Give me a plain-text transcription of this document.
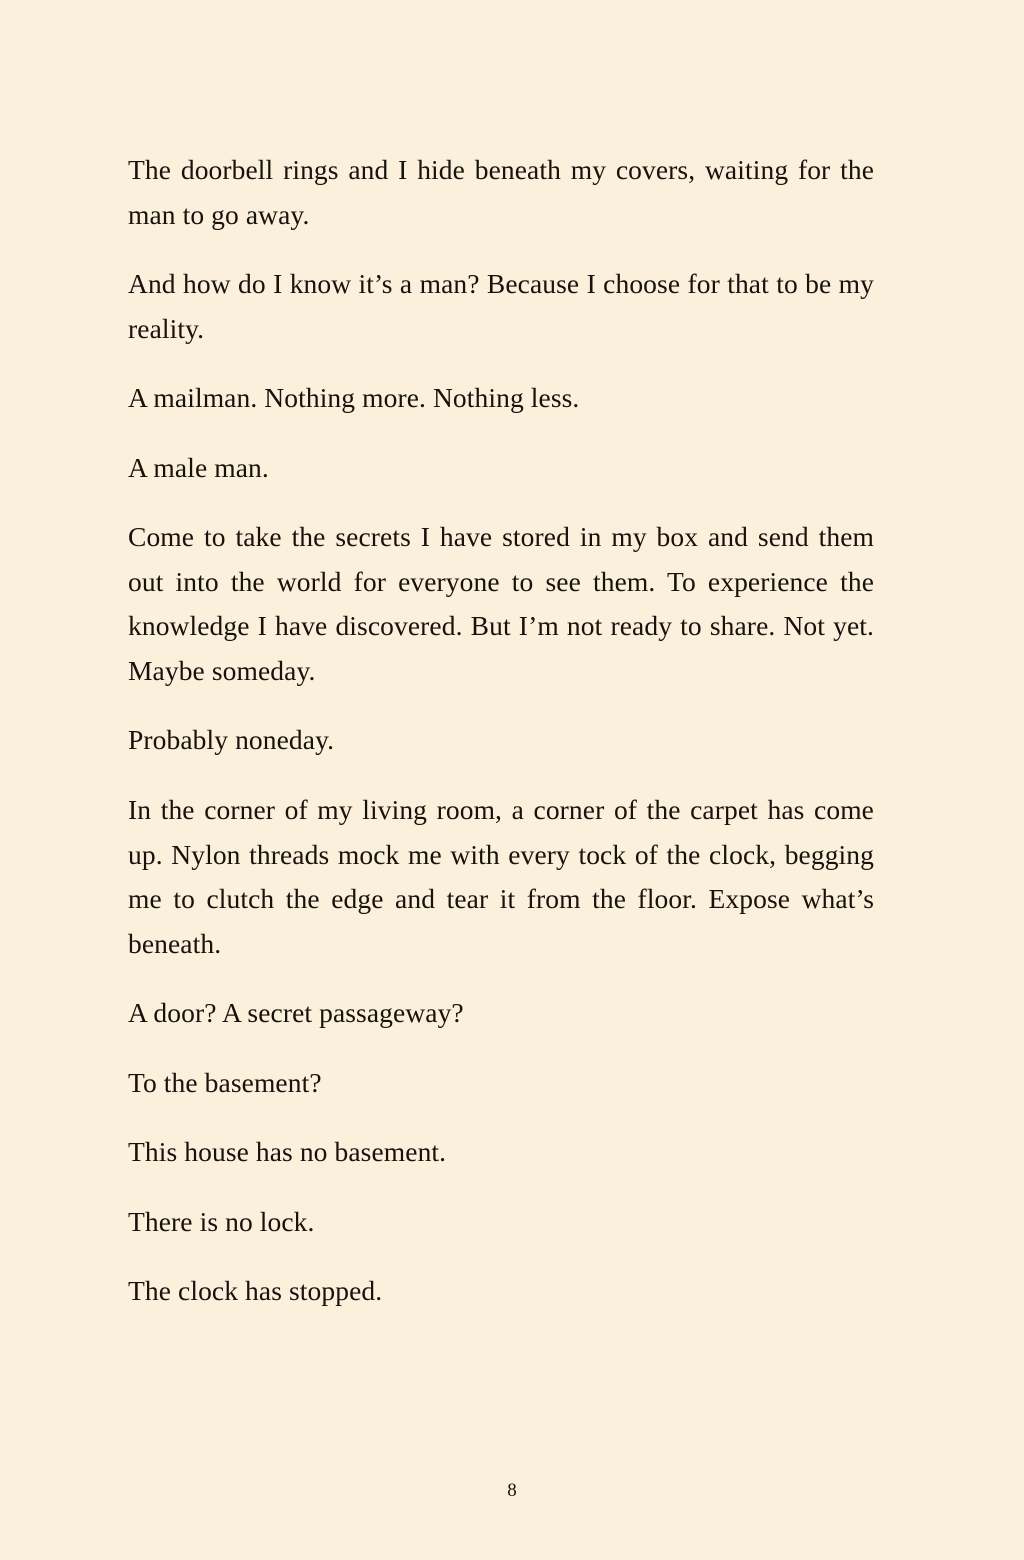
The doorbell rings and I hide beneath my covers, waiting for the man to go away.

And how do I know it’s a man? Because I choose for that to be my reality.

A mailman. Nothing more. Nothing less.

A male man.

Come to take the secrets I have stored in my box and send them out into the world for everyone to see them. To experience the knowledge I have discovered. But I’m not ready to share. Not yet. Maybe someday.

Probably noneday.

In the corner of my living room, a corner of the carpet has come up. Nylon threads mock me with every tock of the clock, begging me to clutch the edge and tear it from the floor. Expose what’s beneath.

A door? A secret passageway?

To the basement?

This house has no basement.

There is no lock.

The clock has stopped.

8
